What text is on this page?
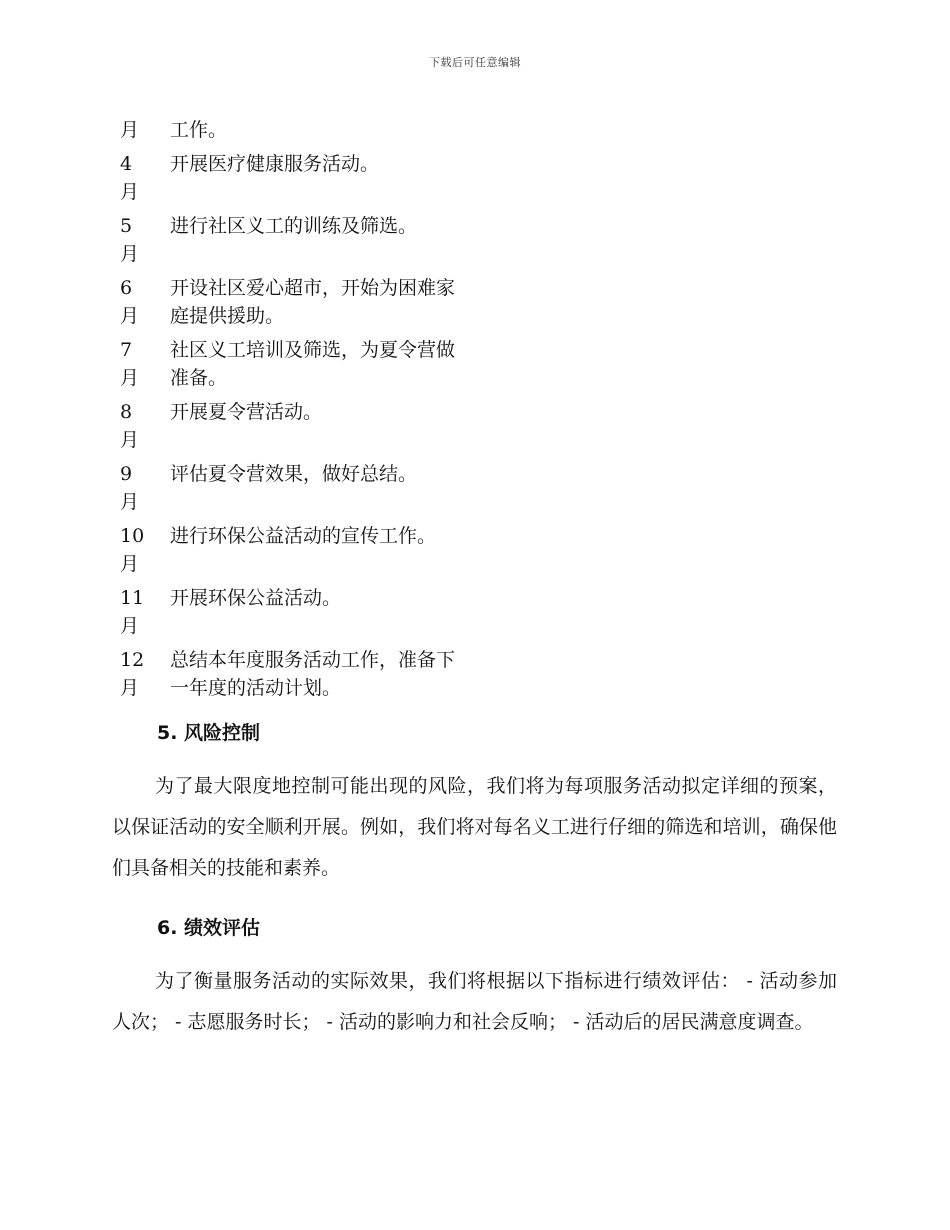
下载后可任意编辑
月	工作。
4
月
开展医疗健康服务活动。
5
月
进行社区义工的训练及筛选。
6
月
开设社区爱心超市，开始为困难家庭提供援助。
7
月
社区义工培训及筛选，为夏令营做准备。
8
月
开展夏令营活动。
9
月
评估夏令营效果，做好总结。
10
月
进行环保公益活动的宣传工作。
11
月
开展环保公益活动。
12
月
总结本年度服务活动工作，准备下一年度的活动计划。
5. 风险控制
为了最大限度地控制可能出现的风险，我们将为每项服务活动拟定详细的预案，以保证活动的安全顺利开展。例如，我们将对每名义工进行仔细的筛选和培训，确保他们具备相关的技能和素养。
6. 绩效评估
为了衡量服务活动的实际效果，我们将根据以下指标进行绩效评估： - 活动参加人次； - 志愿服务时长； - 活动的影响力和社会反响； - 活动后的居民满意度调查。
